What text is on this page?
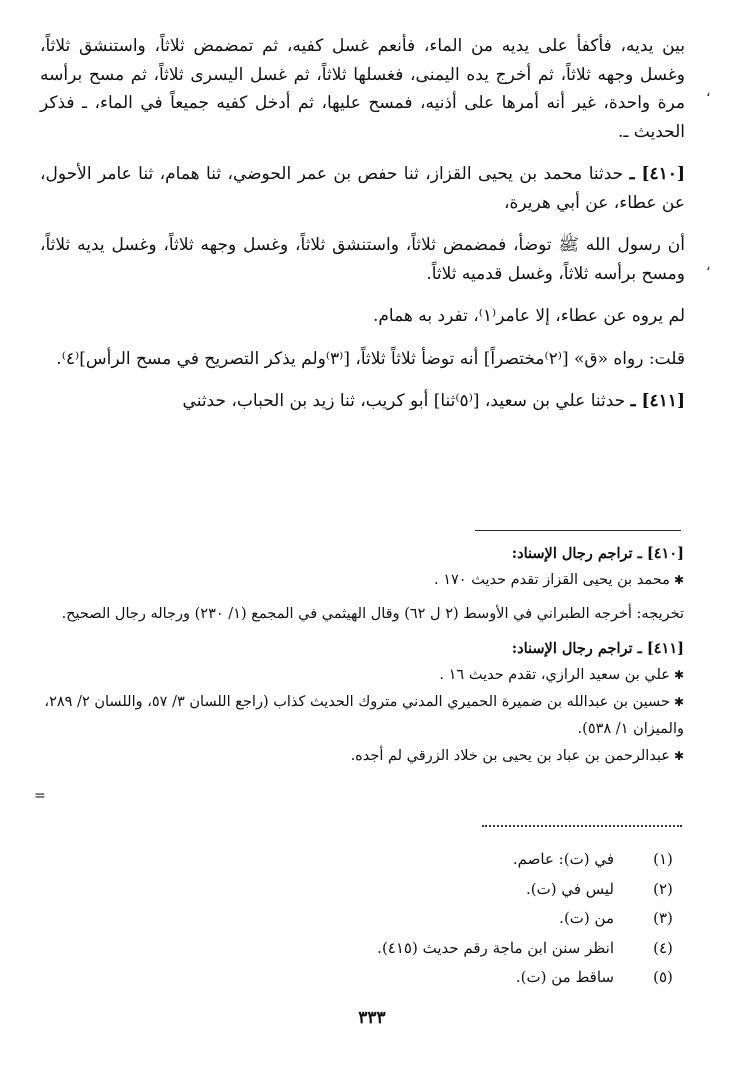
،
،
=

بين يديه، فأكفأ على يديه من الماء، فأنعم غسل كفيه، ثم تمضمض ثلاثاً، واستنشق ثلاثاً، وغسل وجهه ثلاثاً، ثم أخرج يده اليمنى، فغسلها ثلاثاً، ثم غسل اليسرى ثلاثاً، ثم مسح برأسه مرة واحدة، غير أنه أمرها على أذنيه، فمسح عليها، ثم أدخل كفيه جميعاً في الماء، ـ فذكر الحديث ـ.

[٤١٠] ـ حدثنا محمد بن يحيى القزاز، ثنا حفص بن عمر الحوضي، ثنا همام، ثنا عامر الأحول، عن عطاء، عن أبي هريرة،

أن رسول الله ﷺ توضأ، فمضمض ثلاثاً، واستنشق ثلاثاً، وغسل وجهه ثلاثاً، وغسل يديه ثلاثاً، ومسح برأسه ثلاثاً، وغسل قدميه ثلاثاً.

لم يروه عن عطاء، إلا عامر⁽١⁾، تفرد به همام.

قلت: رواه «ق» [⁽٢⁾مختصراً] أنه توضأ ثلاثاً ثلاثاً، [⁽٣⁾ولم يذكر التصريح في مسح الرأس]⁽٤⁾.

[٤١١] ـ حدثنا علي بن سعيد، [⁽٥⁾ثنا] أبو كريب، ثنا زيد بن الحباب، حدثني

[٤١٠] ـ تراجم رجال الإسناد:

✱محمد بن يحيى القزاز تقدم حديث ١٧٠ .

تخريجه: أخرجه الطبراني في الأوسط (٢ ل ٦٢) وقال الهيثمي في المجمع (١/ ٢٣٠) ورجاله رجال الصحيح.

[٤١١] ـ تراجم رجال الإسناد:

✱علي بن سعيد الرازي، تقدم حديث ١٦ .

✱حسين بن عبدالله بن ضميرة الحميري المدني متروك الحديث كذاب (راجع اللسان ٣/ ٥٧، واللسان ٢/ ٢٨٩، والميزان ١/ ٥٣٨).

✱عبدالرحمن بن عباد بن يحيى بن خلاد الزرقي لم أجده.

(١)
في (ت): عاصم.
(٢)
ليس في (ت).
(٣)
من (ت).
(٤)
انظر سنن ابن ماجة رقم حديث (٤١٥).
(٥)
ساقط من (ت).
٣٣٣
